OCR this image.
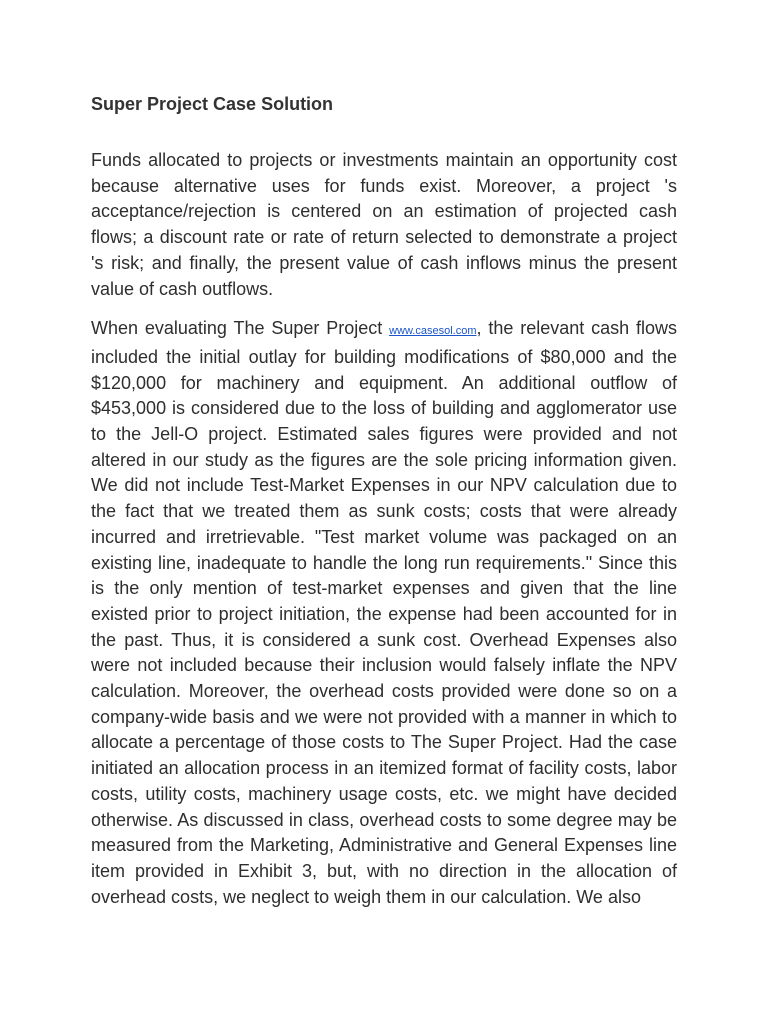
Super Project Case Solution

Funds allocated to projects or investments maintain an opportunity cost because alternative uses for funds exist. Moreover, a project 's acceptance/rejection is centered on an estimation of projected cash flows; a discount rate or rate of return selected to demonstrate a project 's risk; and finally, the present value of cash inflows minus the present value of cash outflows.

When evaluating The Super Project www.casesol.com, the relevant cash flows included the initial outlay for building modifications of $80,000 and the $120,000 for machinery and equipment. An additional outflow of $453,000 is considered due to the loss of building and agglomerator use to the Jell-O project. Estimated sales figures were provided and not altered in our study as the figures are the sole pricing information given. We did not include Test-Market Expenses in our NPV calculation due to the fact that we treated them as sunk costs; costs that were already incurred and irretrievable. "Test market volume was packaged on an existing line, inadequate to handle the long run requirements." Since this is the only mention of test-market expenses and given that the line existed prior to project initiation, the expense had been accounted for in the past. Thus, it is considered a sunk cost. Overhead Expenses also were not included because their inclusion would falsely inflate the NPV calculation. Moreover, the overhead costs provided were done so on a company-wide basis and we were not provided with a manner in which to allocate a percentage of those costs to The Super Project. Had the case initiated an allocation process in an itemized format of facility costs, labor costs, utility costs, machinery usage costs, etc. we might have decided otherwise. As discussed in class, overhead costs to some degree may be measured from the Marketing, Administrative and General Expenses line item provided in Exhibit 3, but, with no direction in the allocation of overhead costs, we neglect to weigh them in our calculation. We also
